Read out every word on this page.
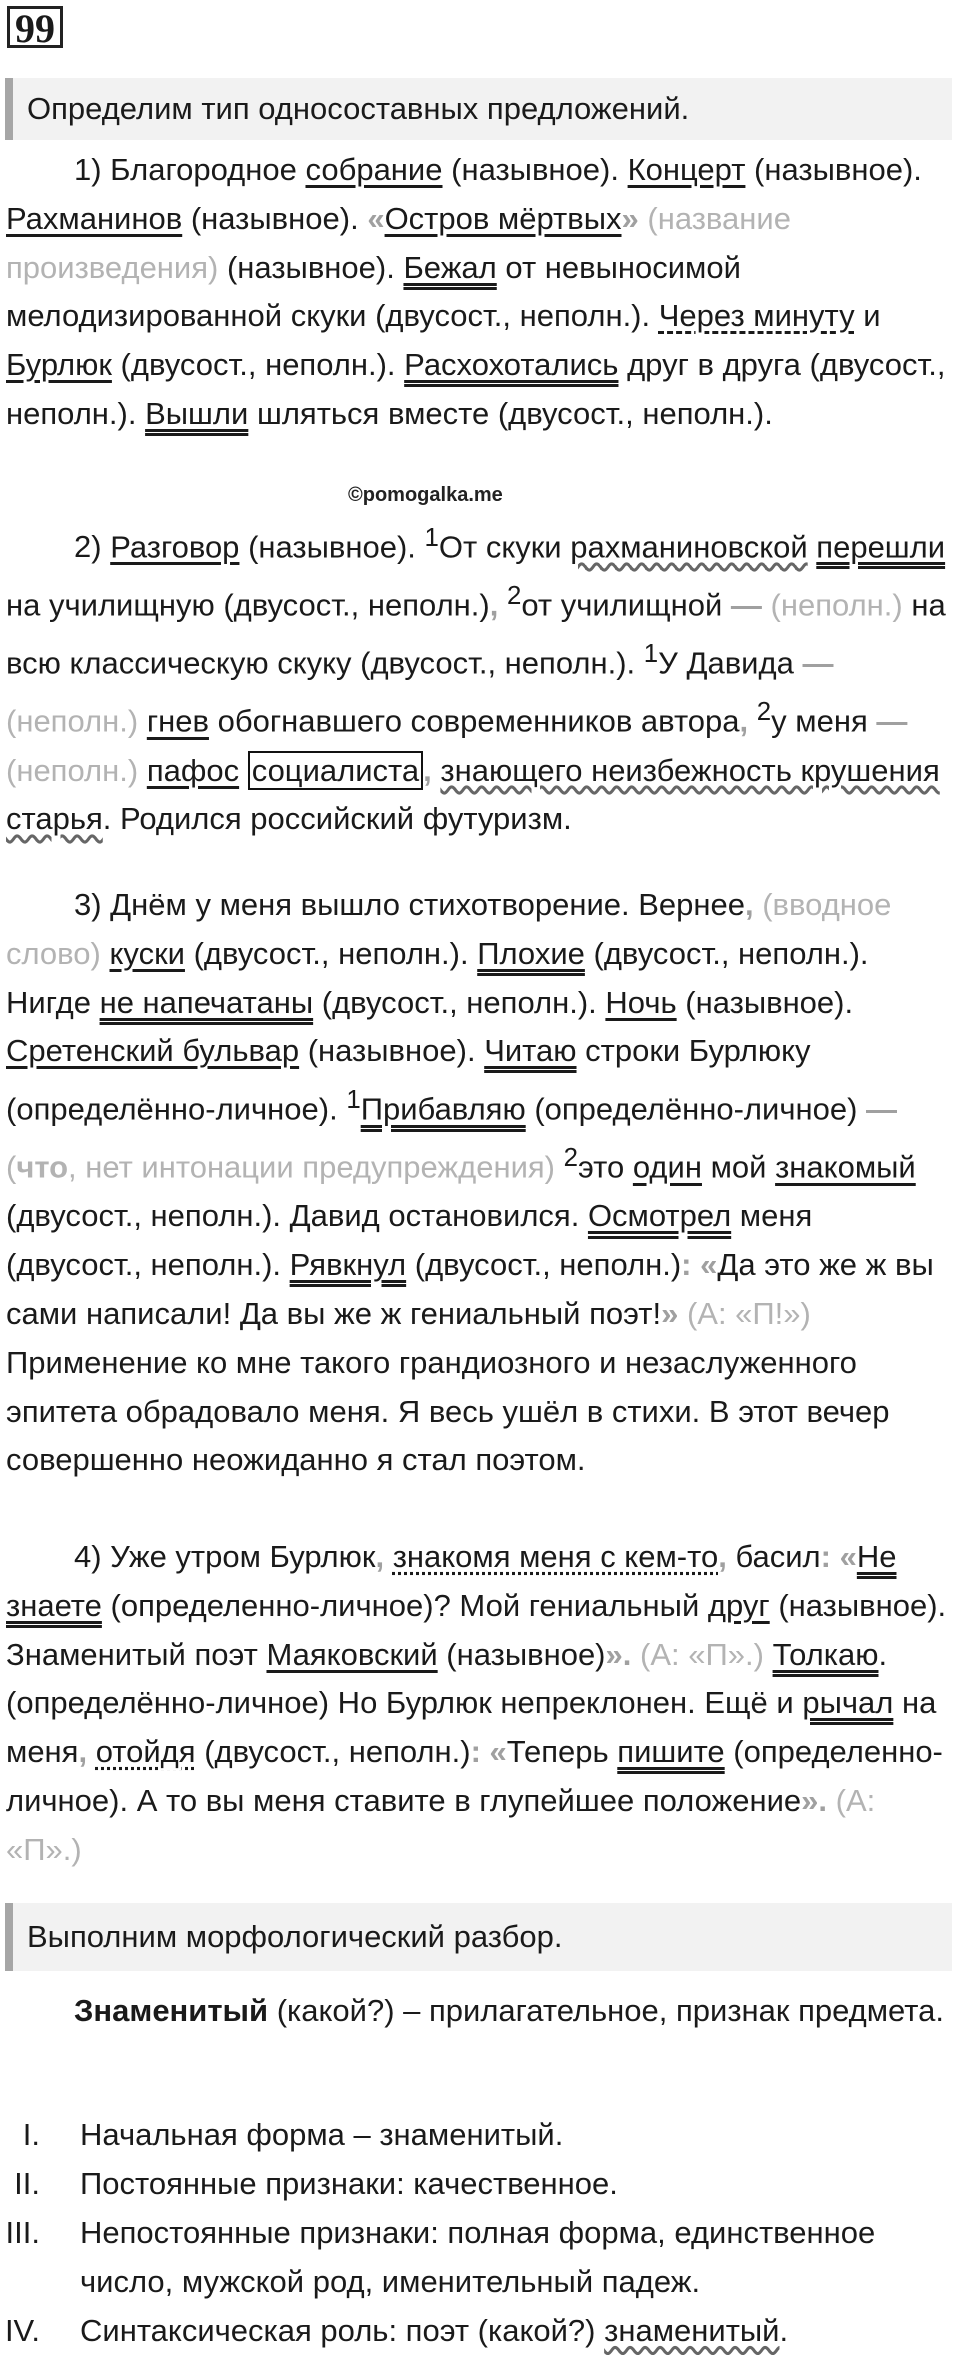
99
Определим тип односоставных предложений.
1) Благородное собрание (назывное). Концерт (назывное). Рахманинов (назывное). «Остров мёртвых» (название произведения) (назывное). Бежал от невыносимой мелодизированной скуки (двусост., неполн.). Через минуту и Бурлюк (двусост., неполн.). Расхохотались друг в друга (двусост., неполн.). Вышли шляться вместе (двусост., неполн.).
©pomogalka.me
2) Разговор (назывное). $^1$От скуки рахманиновской перешли на училищную (двусост., неполн.), $^2$от училищной — (неполн.) на всю классическую скуку (двусост., неполн.). $^1$У Давида — (неполн.) гнев обогнавшего современников автора, $^2$у меня — (неполн.) пафос социалиста , знающего неизбежность крушения старья. Родился российский футуризм.
3) Днём у меня вышло стихотворение. Вернее, (вводное слово) куски (двусост., неполн.). Плохие (двусост., неполн.). Нигде не напечатаны (двусост., неполн.). Ночь (назывное). Сретенский бульвар (назывное). Читаю строки Бурлюку (определённо-личное). $^1$Прибавляю (определённо-личное) — (что, нет интонации предупреждения) $^2$это один мой знакомый (двусост., неполн.). Давид остановился. Осмотрел меня (двусост., неполн.). Рявкнул (двусост., неполн.): «Да это же ж вы сами написали! Да вы же ж гениальный поэт!» (А: «П!») Применение ко мне такого грандиозного и незаслуженного эпитета обрадовало меня. Я весь ушёл в стихи. В этот вечер совершенно неожиданно я стал поэтом.
4) Уже утром Бурлюк, знакомя меня с кем-то, басил: «Не знаете (определенно-личное)? Мой гениальный друг (назывное). Знаменитый поэт Маяковский (назывное)». (А: «П».) Толкаю. (определённо-личное) Но Бурлюк непреклонен. Ещё и рычал на меня, отойдя (двусост., неполн.): «Теперь пишите (определенно-личное). А то вы меня ставите в глупейшее положение». (А: «П».)
Выполним морфологический разбор.
Знаменитый (какой?) – прилагательное, признак предмета.
I. Начальная форма – знаменитый.
II. Постоянные признаки: качественное.
III. Непостоянные признаки: полная форма, единственное число, мужской род, именительный падеж.
IV. Синтаксическая роль: поэт (какой?) знаменитый.
